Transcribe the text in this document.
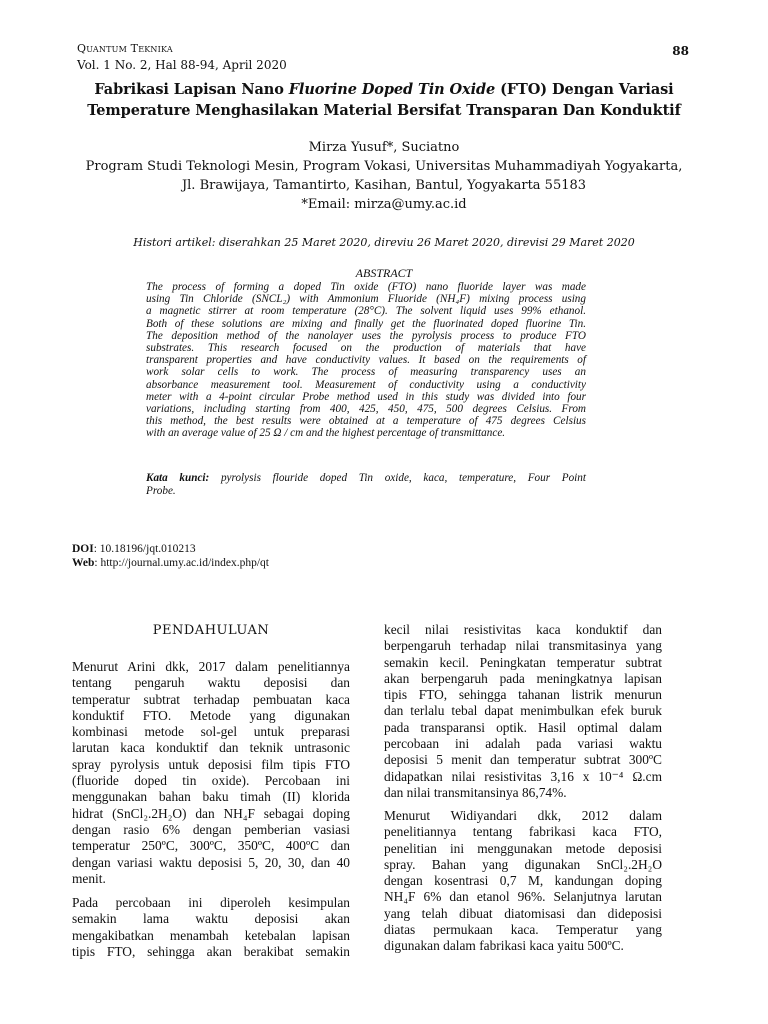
Quantum Teknika
Vol. 1 No. 2, Hal 88-94, April 2020
88
Fabrikasi Lapisan Nano Fluorine Doped Tin Oxide (FTO) Dengan Variasi
Temperature Menghasilakan Material Bersifat Transparan Dan Konduktif
Mirza Yusuf*, Suciatno
Program Studi Teknologi Mesin, Program Vokasi, Universitas Muhammadiyah Yogyakarta,
Jl. Brawijaya, Tamantirto, Kasihan, Bantul, Yogyakarta 55183
*Email: mirza@umy.ac.id
Histori artikel: diserahkan 25 Maret 2020, direviu 26 Maret 2020, direvisi 29 Maret 2020
ABSTRACT
The process of forming a doped Tin oxide (FTO) nano fluoride layer was made
using Tin Chloride (SNCL₂) with Ammonium Fluoride (NH₄F) mixing process using
a magnetic stirrer at room temperature (28°C). The solvent liquid uses 99% ethanol.
Both of these solutions are mixing and finally get the fluorinated doped fluorine Tin.
The deposition method of the nanolayer uses the pyrolysis process to produce FTO
substrates. This research focused on the production of materials that have
transparent properties and have conductivity values. It based on the requirements of
work solar cells to work. The process of measuring transparency uses an
absorbance measurement tool. Measurement of conductivity using a conductivity
meter with a 4-point circular Probe method used in this study was divided into four
variations, including starting from 400, 425, 450, 475, 500 degrees Celsius. From
this method, the best results were obtained at a temperature of 475 degrees Celsius
with an average value of 25 Ω / cm and the highest percentage of transmittance.
Kata kunci: pyrolysis flouride doped Tin oxide, kaca, temperature, Four Point
Probe.
DOI: 10.18196/jqt.010213
Web: http://journal.umy.ac.id/index.php/qt
PENDAHULUAN
Menurut Arini dkk, 2017 dalam penelitiannya
tentang pengaruh waktu deposisi dan
temperatur subtrat terhadap pembuatan kaca
konduktif FTO. Metode yang digunakan
kombinasi metode sol-gel untuk preparasi
larutan kaca konduktif dan teknik untrasonic
spray pyrolysis untuk deposisi film tipis FTO
(fluoride doped tin oxide). Percobaan ini
menggunakan bahan baku timah (II) klorida
hidrat (SnCl₂.2H₂O) dan NH₄F sebagai doping
dengan rasio 6% dengan pemberian vasiasi
temperatur 250ºC, 300ºC, 350ºC, 400ºC dan
dengan variasi waktu deposisi 5, 20, 30, dan 40
menit.
Pada percobaan ini diperoleh kesimpulan
semakin lama waktu deposisi akan
mengakibatkan menambah ketebalan lapisan
tipis FTO, sehingga akan berakibat semakin
kecil nilai resistivitas kaca konduktif dan
berpengaruh terhadap nilai transmitasinya yang
semakin kecil. Peningkatan temperatur subtrat
akan berpengaruh pada meningkatnya lapisan
tipis FTO, sehingga tahanan listrik menurun
dan terlalu tebal dapat menimbulkan efek buruk
pada transparansi optik. Hasil optimal dalam
percobaan ini adalah pada variasi waktu
deposisi 5 menit dan temperatur subtrat 300ºC
didapatkan nilai resistivitas 3,16 x 10⁻⁴ Ω.cm
dan nilai transmitansinya 86,74%.
Menurut Widiyandari dkk, 2012 dalam
penelitiannya tentang fabrikasi kaca FTO,
penelitian ini menggunakan metode deposisi
spray. Bahan yang digunakan SnCl₂.2H₂O
dengan kosentrasi 0,7 M, kandungan doping
NH₄F 6% dan etanol 96%. Selanjutnya larutan
yang telah dibuat diatomisasi dan dideposisi
diatas permukaan kaca. Temperatur yang
digunakan dalam fabrikasi kaca yaitu 500ºC.
